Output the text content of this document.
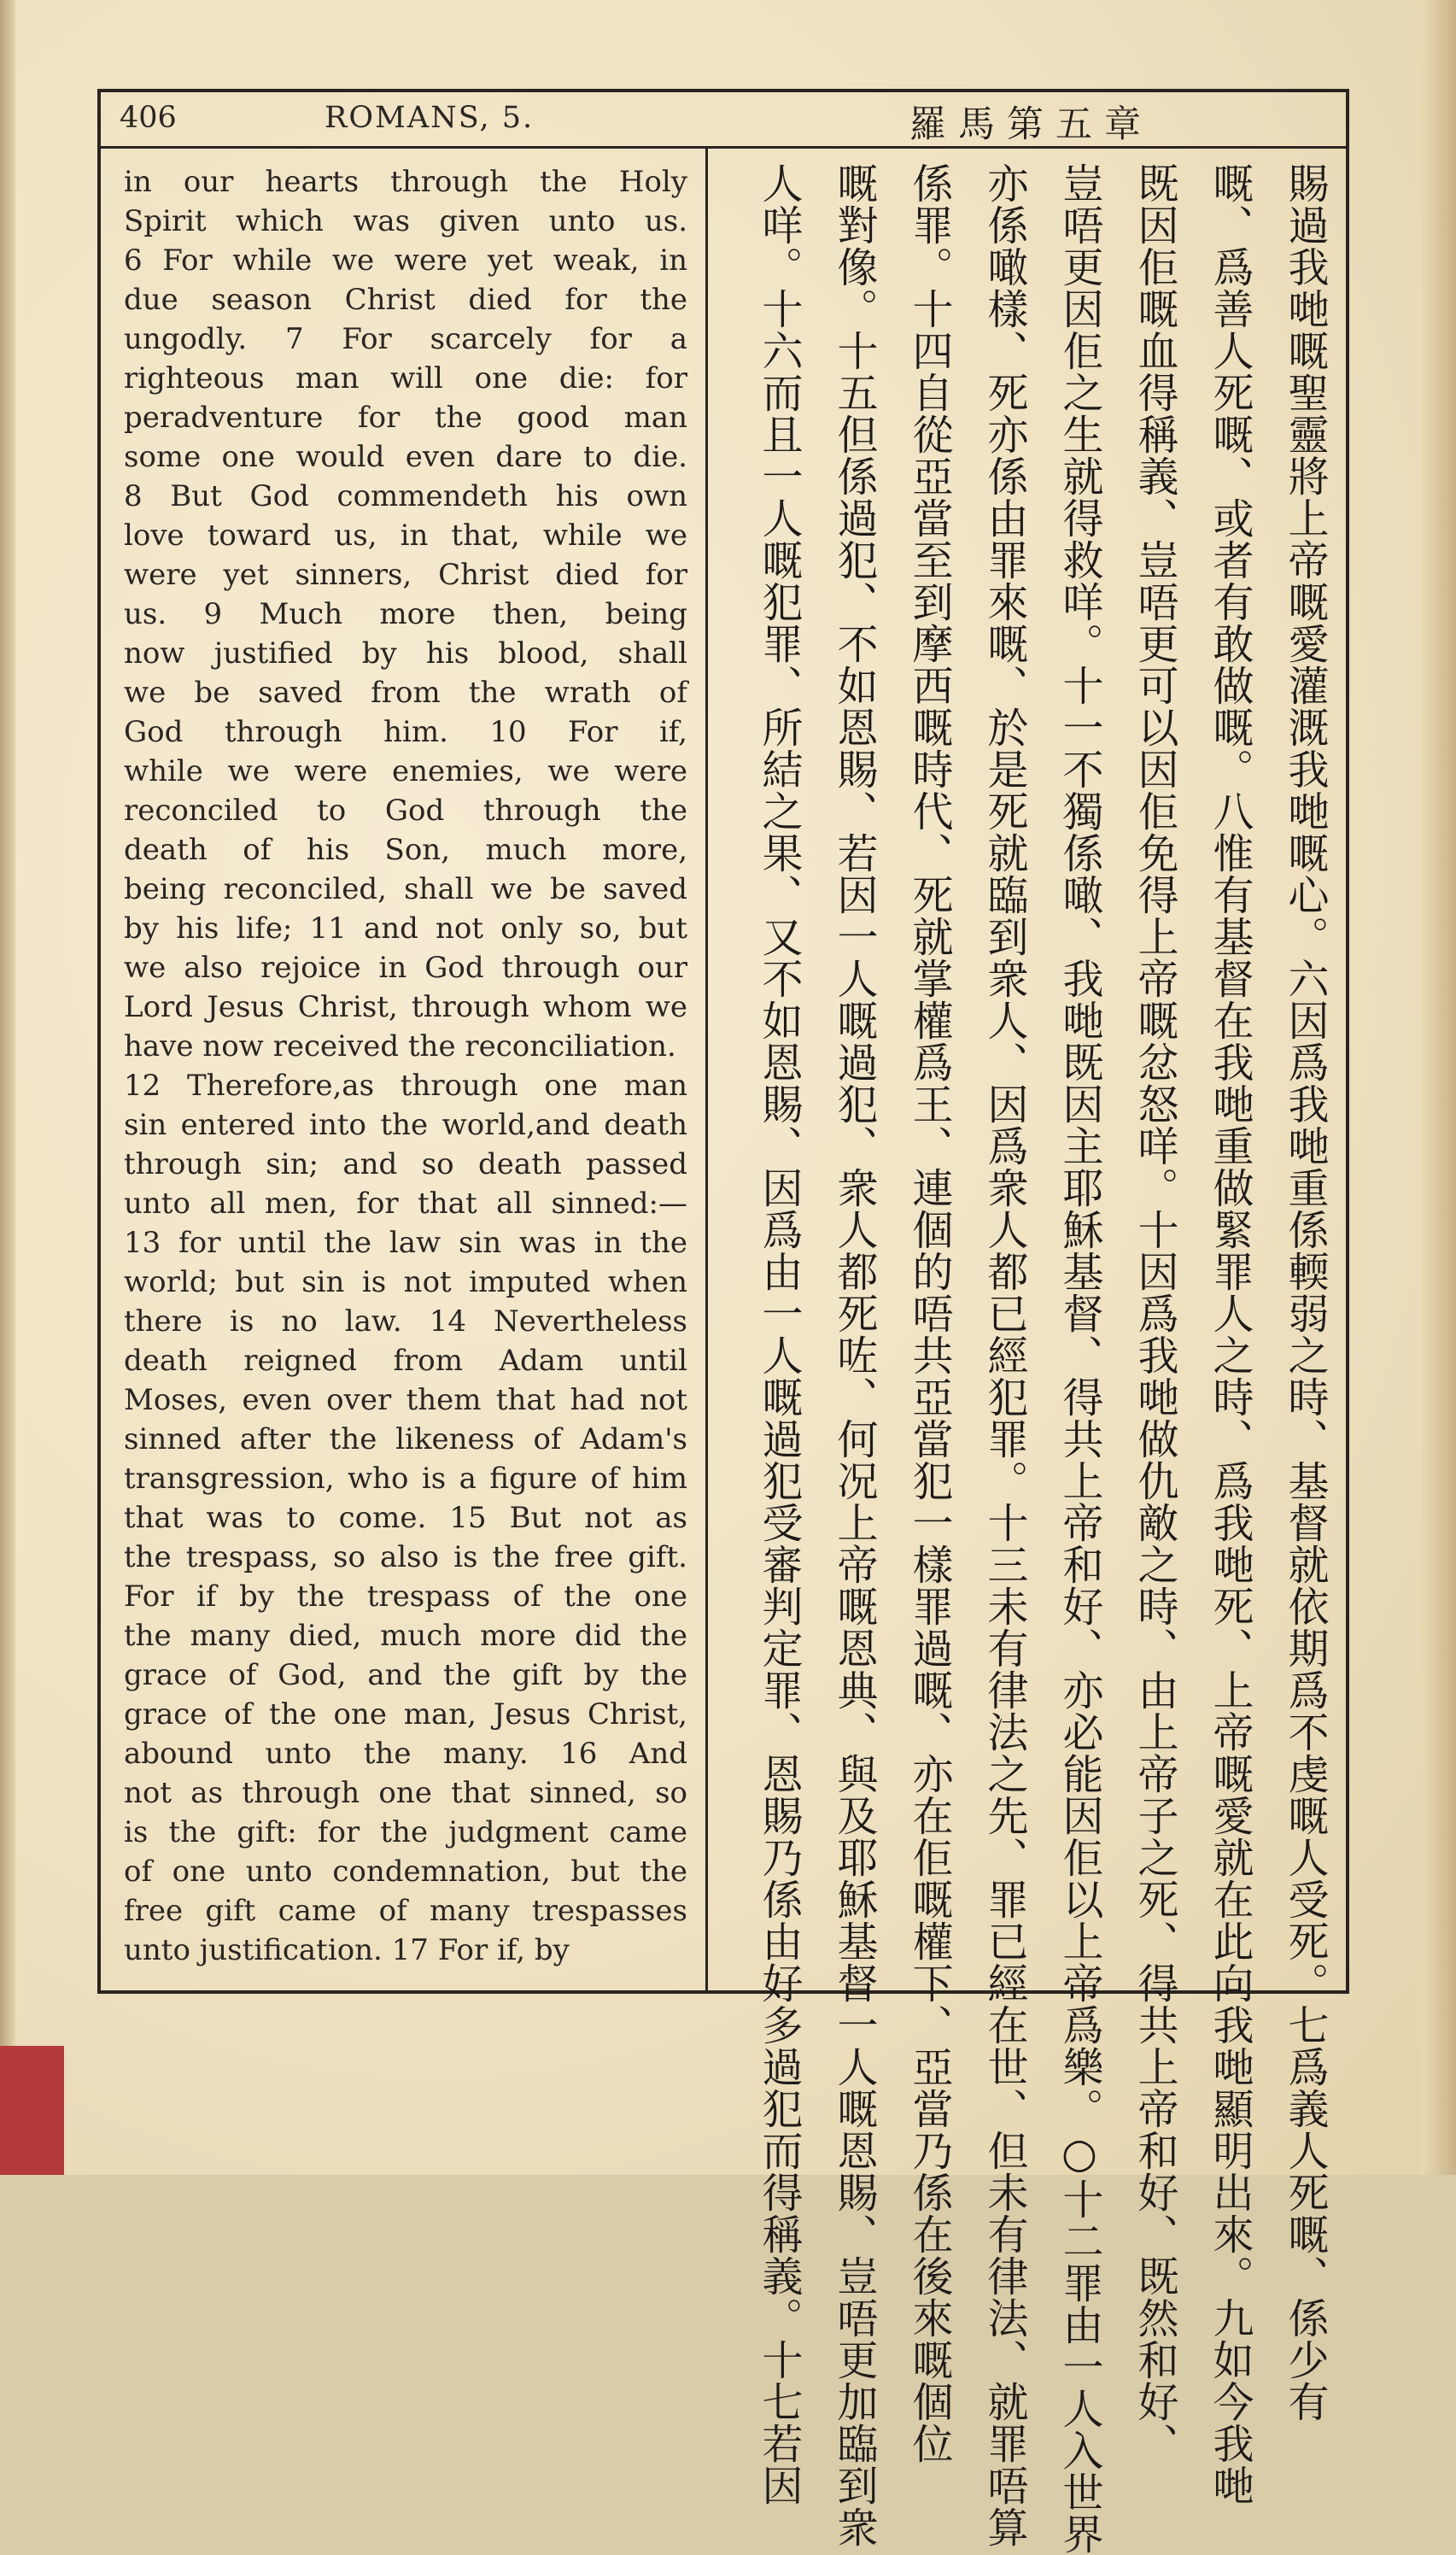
406	ROMANS, 5.	羅馬第五章
in our hearts through the Holy
Spirit which was given unto us.
6 For while we were yet weak, in
due season Christ died for the
ungodly. 7 For scarcely for a
righteous man will one die: for
peradventure for the good man
some one would even dare to die.
8 But God commendeth his own
love toward us, in that, while we
were yet sinners, Christ died for
us. 9 Much more then, being
now justified by his blood, shall
we be saved from the wrath of
God through him. 10 For if,
while we were enemies, we were
reconciled to God through the
death of his Son, much more,
being reconciled, shall we be saved
by his life; 11 and not only so, but
we also rejoice in God through our
Lord Jesus Christ, through whom we
have now received the reconciliation.
12 Therefore,as through one man
sin entered into the world,and death
through sin; and so death passed
unto all men, for that all sinned:—
13 for until the law sin was in the
world; but sin is not imputed when
there is no law. 14 Nevertheless
death reigned from Adam until
Moses, even over them that had not
sinned after the likeness of Adam's
transgression, who is a figure of him
that was to come. 15 But not as
the trespass, so also is the free gift.
For if by the trespass of the one
the many died, much more did the
grace of God, and the gift by the
grace of the one man, Jesus Christ,
abound unto the many. 16 And
not as through one that sinned, so
is the gift: for the judgment came
of one unto condemnation, but the
free gift came of many trespasses
unto justification. 17 For if, by	賜過我哋嘅聖靈將上帝嘅愛灌溉我哋嘅心。六因爲我哋重係輭弱之時、基督就依期爲不虔嘅人受死。七爲義人死嘅、係少有
嘅、爲善人死嘅、或者有敢做嘅。八惟有基督在我哋重做緊罪人之時、爲我哋死、上帝嘅愛就在此向我哋顯明出來。九如今我哋
既因佢嘅血得稱義、豈唔更可以因佢免得上帝嘅忿怒咩。十因爲我哋做仇敵之時、由上帝子之死、得共上帝和好、既然和好、
豈唔更因佢之生就得救咩。十一不獨係噉、我哋既因主耶穌基督、得共上帝和好、亦必能因佢以上帝爲樂。○十二罪由一人入世界
亦係噉樣、死亦係由罪來嘅、於是死就臨到衆人、因爲衆人都已經犯罪。十三未有律法之先、罪已經在世、但未有律法、就罪唔算
係罪。十四自從亞當至到摩西嘅時代、死就掌權爲王、連個的唔共亞當犯一樣罪過嘅、亦在佢嘅權下、亞當乃係在後來嘅個位
嘅對像。十五但係過犯、不如恩賜、若因一人嘅過犯、衆人都死咗、何况上帝嘅恩典、與及耶穌基督一人嘅恩賜、豈唔更加臨到衆
人咩。十六而且一人嘅犯罪、所結之果、又不如恩賜、因爲由一人嘅過犯受審判定罪、恩賜乃係由好多過犯而得稱義。十七若因
